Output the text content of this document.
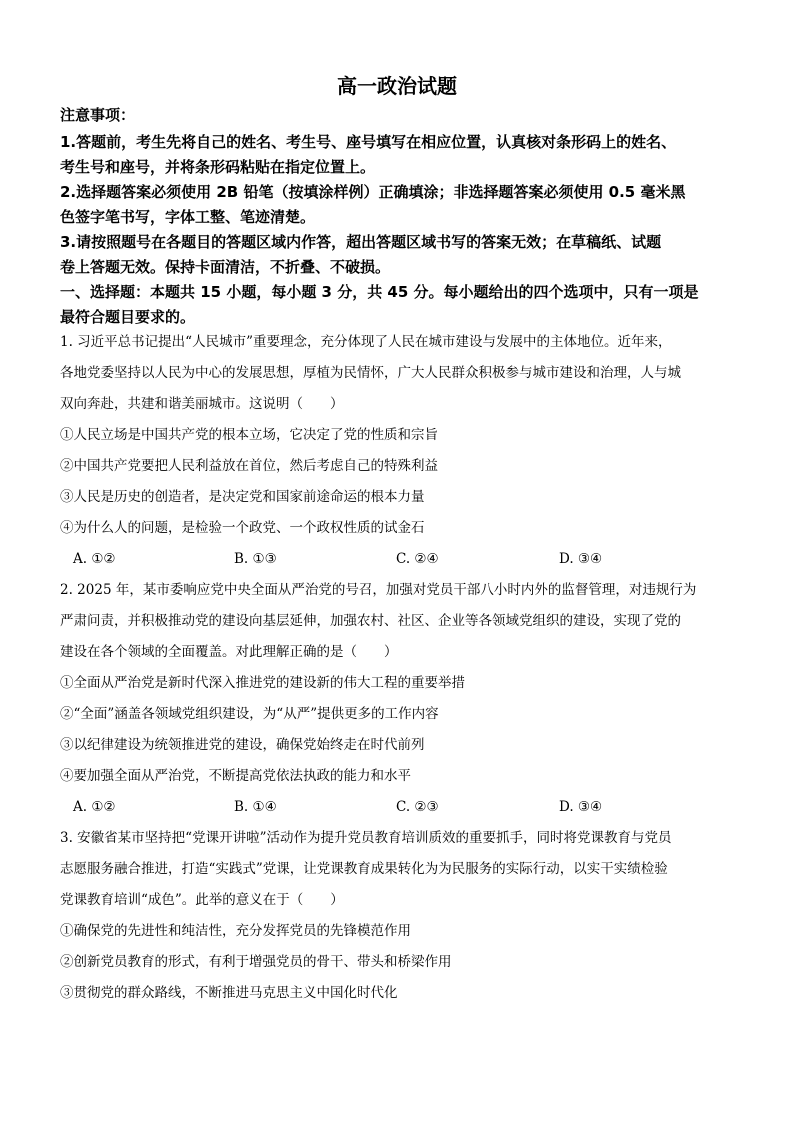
高一政治试题
注意事项：
1.答题前，考生先将自己的姓名、考生号、座号填写在相应位置，认真核对条形码上的姓名、
考生号和座号，并将条形码粘贴在指定位置上。
2.选择题答案必须使用 2B 铅笔（按填涂样例）正确填涂；非选择题答案必须使用 0.5 毫米黑
色签字笔书写，字体工整、笔迹清楚。
3.请按照题号在各题目的答题区域内作答，超出答题区域书写的答案无效；在草稿纸、试题
卷上答题无效。保持卡面清洁，不折叠、不破损。
一、选择题：本题共 15 小题，每小题 3 分，共 45 分。每小题给出的四个选项中，只有一项是
最符合题目要求的。
1. 习近平总书记提出“人民城市”重要理念，充分体现了人民在城市建设与发展中的主体地位。近年来，
各地党委坚持以人民为中心的发展思想，厚植为民情怀，广大人民群众积极参与城市建设和治理，人与城
双向奔赴，共建和谐美丽城市。这说明（　　）
①人民立场是中国共产党的根本立场，它决定了党的性质和宗旨
②中国共产党要把人民利益放在首位，然后考虑自己的特殊利益
③人民是历史的创造者，是决定党和国家前途命运的根本力量
④为什么人的问题，是检验一个政党、一个政权性质的试金石
A. ①②	B. ①③	C. ②④	D. ③④
2. 2025 年，某市委响应党中央全面从严治党的号召，加强对党员干部八小时内外的监督管理，对违规行为
严肃问责，并积极推动党的建设向基层延伸，加强农村、社区、企业等各领域党组织的建设，实现了党的
建设在各个领域的全面覆盖。对此理解正确的是（　　）
①全面从严治党是新时代深入推进党的建设新的伟大工程的重要举措
②“全面”涵盖各领域党组织建设，为“从严”提供更多的工作内容
③以纪律建设为统领推进党的建设，确保党始终走在时代前列
④要加强全面从严治党，不断提高党依法执政的能力和水平
A. ①②	B. ①④	C. ②③	D. ③④
3. 安徽省某市坚持把“党课开讲啦”活动作为提升党员教育培训质效的重要抓手，同时将党课教育与党员
志愿服务融合推进，打造“实践式”党课，让党课教育成果转化为为民服务的实际行动，以实干实绩检验
党课教育培训“成色”。此举的意义在于（　　）
①确保党的先进性和纯洁性，充分发挥党员的先锋模范作用
②创新党员教育的形式，有利于增强党员的骨干、带头和桥梁作用
③贯彻党的群众路线，不断推进马克思主义中国化时代化
